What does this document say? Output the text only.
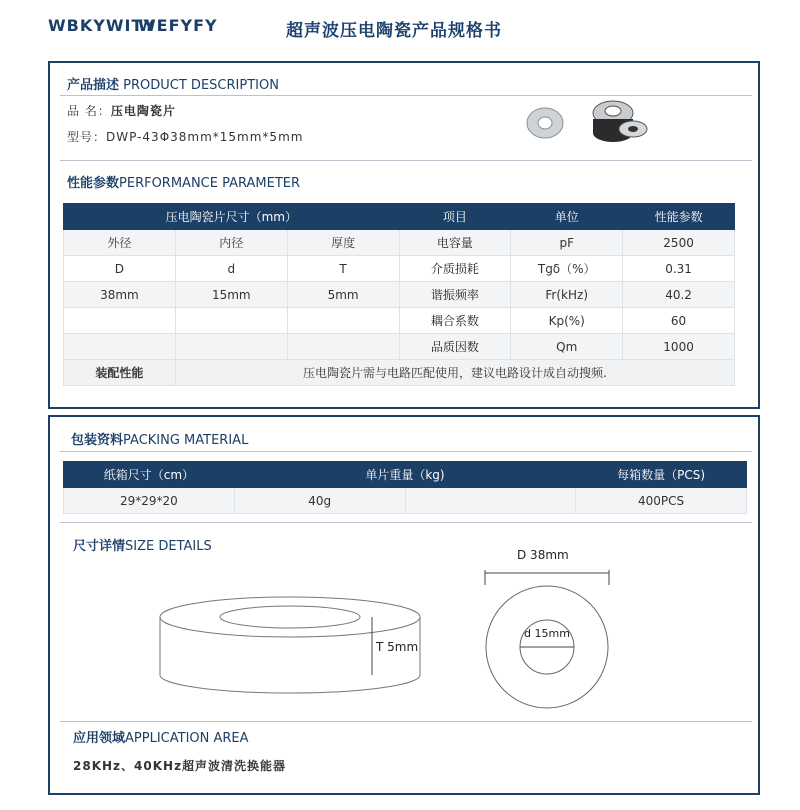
WBKYWITY
WEFYFY	超声波压电陶瓷产品规格书
产品描述 PRODUCT DESCRIPTION
品 名：压电陶瓷片
型号：DWP-43Φ38mm*15mm*5mm
性能参数PERFORMANCE PARAMETER
压电陶瓷片尺寸（mm）			项目	单位	性能参数
外径	内径	厚度	电容量	pF	2500
D	d	T	介质损耗	Tgδ（%）	0.31
38mm	15mm	5mm	谐振频率	Fr(kHz)	40.2
			耦合系数	Kp(%)	60
			品质因数	Qm	1000
装配性能	压电陶瓷片需与电路匹配使用，建议电路设计成自动搜频.				
包装资料PACKING MATERIAL
纸箱尺寸（cm）	单片重量（kg)		每箱数量（PCS)
29*29*20	40g		400PCS
尺寸详情SIZE DETAILS
T 5mm
D 38mm
d 15mm
应用领域APPLICATION AREA
28KHz、40KHz超声波清洗换能器
